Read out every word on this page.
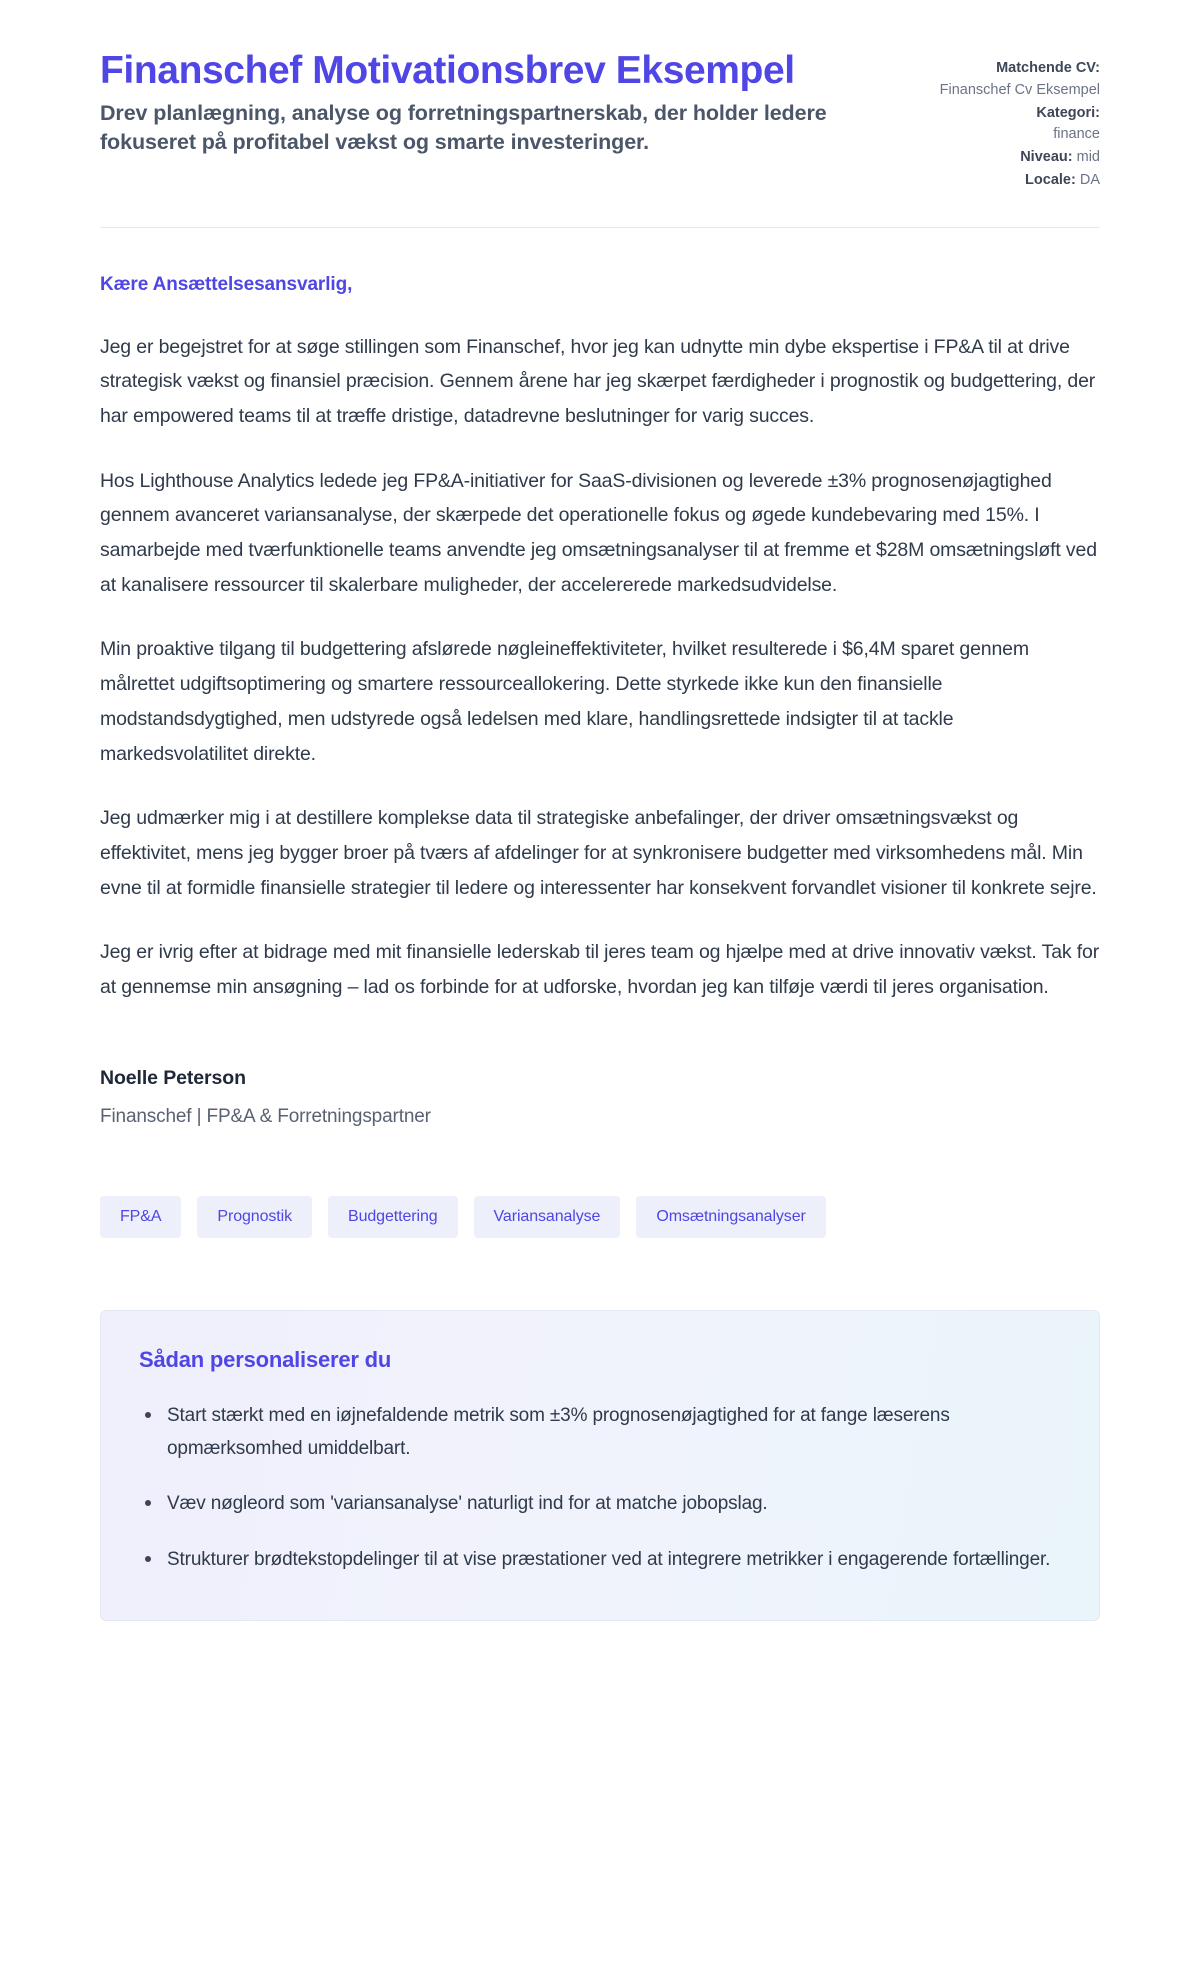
Finanschef Motivationsbrev Eksempel

Drev planlægning, analyse og forretningspartnerskab, der holder ledere fokuseret på profitabel vækst og smarte investeringer.

Matchende CV:
Finanschef Cv Eksempel
Kategori:
finance
Niveau: mid
Locale: DA

Kære Ansættelsesansvarlig,

Jeg er begejstret for at søge stillingen som Finanschef, hvor jeg kan udnytte min dybe ekspertise i FP&A til at drive strategisk vækst og finansiel præcision. Gennem årene har jeg skærpet færdigheder i prognostik og budgettering, der har empowered teams til at træffe dristige, datadrevne beslutninger for varig succes.

Hos Lighthouse Analytics ledede jeg FP&A-initiativer for SaaS-divisionen og leverede ±3% prognosenøjagtighed gennem avanceret variansanalyse, der skærpede det operationelle fokus og øgede kundebevaring med 15%. I samarbejde med tværfunktionelle teams anvendte jeg omsætningsanalyser til at fremme et $28M omsætningsløft ved at kanalisere ressourcer til skalerbare muligheder, der accelererede markedsudvidelse.

Min proaktive tilgang til budgettering afslørede nøgleineffektiviteter, hvilket resulterede i $6,4M sparet gennem målrettet udgiftsoptimering og smartere ressourceallokering. Dette styrkede ikke kun den finansielle modstandsdygtighed, men udstyrede også ledelsen med klare, handlingsrettede indsigter til at tackle markedsvolatilitet direkte.

Jeg udmærker mig i at destillere komplekse data til strategiske anbefalinger, der driver omsætningsvækst og effektivitet, mens jeg bygger broer på tværs af afdelinger for at synkronisere budgetter med virksomhedens mål. Min evne til at formidle finansielle strategier til ledere og interessenter har konsekvent forvandlet visioner til konkrete sejre.

Jeg er ivrig efter at bidrage med mit finansielle lederskab til jeres team og hjælpe med at drive innovativ vækst. Tak for at gennemse min ansøgning – lad os forbinde for at udforske, hvordan jeg kan tilføje værdi til jeres organisation.

Noelle Peterson
Finanschef | FP&A & Forretningspartner
FP&A	Prognostik	Budgettering	Variansanalyse	Omsætningsanalyser
Sådan personaliserer du
Start stærkt med en iøjnefaldende metrik som ±3% prognosenøjagtighed for at fange læserens opmærksomhed umiddelbart.
Væv nøgleord som 'variansanalyse' naturligt ind for at matche jobopslag.
Strukturer brødtekstopdelinger til at vise præstationer ved at integrere metrikker i engagerende fortællinger.
